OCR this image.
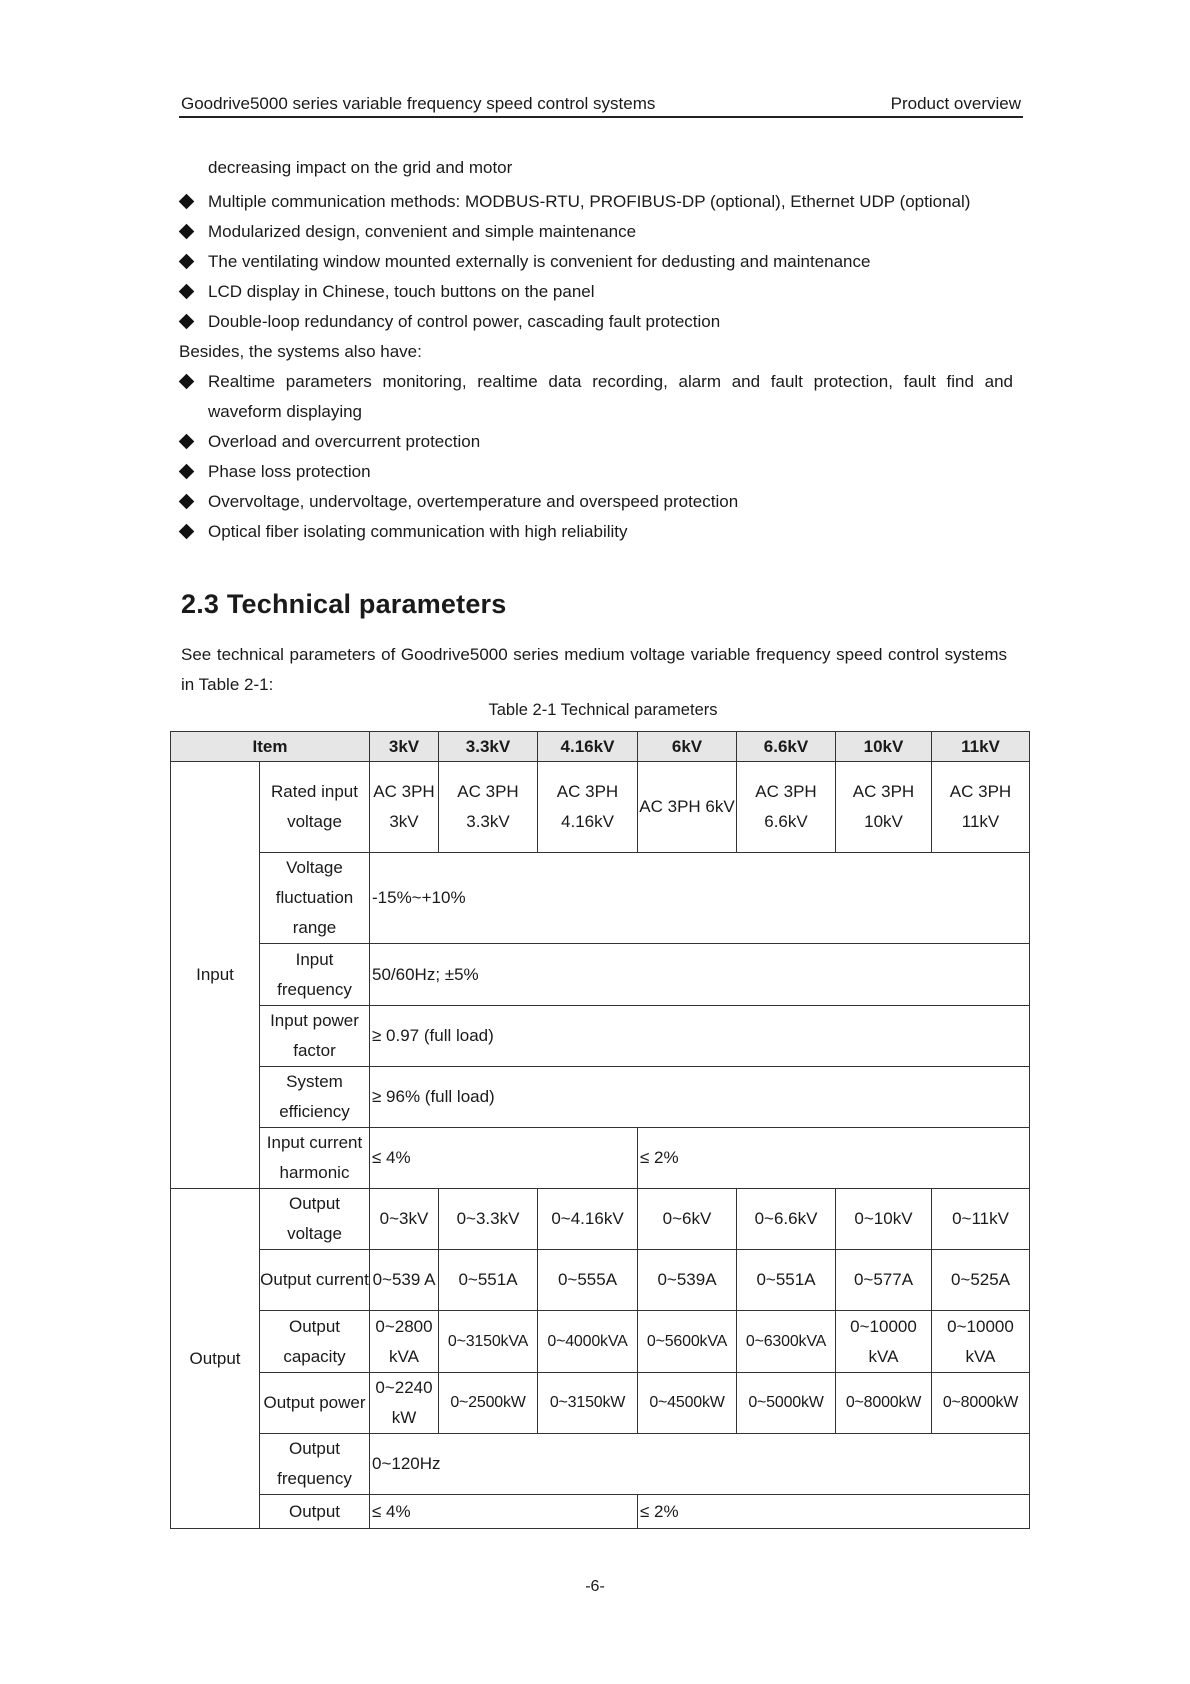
Goodrive5000 series variable frequency speed control systems	Product overview
decreasing impact on the grid and motor
Multiple communication methods: MODBUS-RTU, PROFIBUS-DP (optional), Ethernet UDP (optional)
Modularized design, convenient and simple maintenance
The ventilating window mounted externally is convenient for dedusting and maintenance
LCD display in Chinese, touch buttons on the panel
Double-loop redundancy of control power, cascading fault protection
Besides, the systems also have:
Realtime parameters monitoring, realtime data recording, alarm and fault protection, fault find and waveform displaying
Overload and overcurrent protection
Phase loss protection
Overvoltage, undervoltage, overtemperature and overspeed protection
Optical fiber isolating communication with high reliability
2.3 Technical parameters
See technical parameters of Goodrive5000 series medium voltage variable frequency speed control systems in Table 2-1:
Table 2-1 Technical parameters
Item		3kV	3.3kV	4.16kV	6kV	6.6kV	10kV	11kV
Input	Rated input voltage	AC 3PH 3kV	AC 3PH 3.3kV	AC 3PH 4.16kV	AC 3PH 6kV	AC 3PH 6.6kV	AC 3PH 10kV	AC 3PH 11kV
	Voltage fluctuation range	-15%~+10%						
	Input frequency	50/60Hz; ±5%						
	Input power factor	≥ 0.97 (full load)						
	System efficiency	≥ 96% (full load)						
	Input current harmonic	≤ 4%			≤ 2%			
Output	Output voltage	0~3kV	0~3.3kV	0~4.16kV	0~6kV	0~6.6kV	0~10kV	0~11kV
	Output current	0~539 A	0~551A	0~555A	0~539A	0~551A	0~577A	0~525A
	Output capacity	0~2800 kVA	0~3150kVA	0~4000kVA	0~5600kVA	0~6300kVA	0~10000 kVA	0~10000 kVA
	Output power	0~2240 kW	0~2500kW	0~3150kW	0~4500kW	0~5000kW	0~8000kW	0~8000kW
	Output frequency	0~120Hz						
	Output	≤ 4%			≤ 2%			
-6-
